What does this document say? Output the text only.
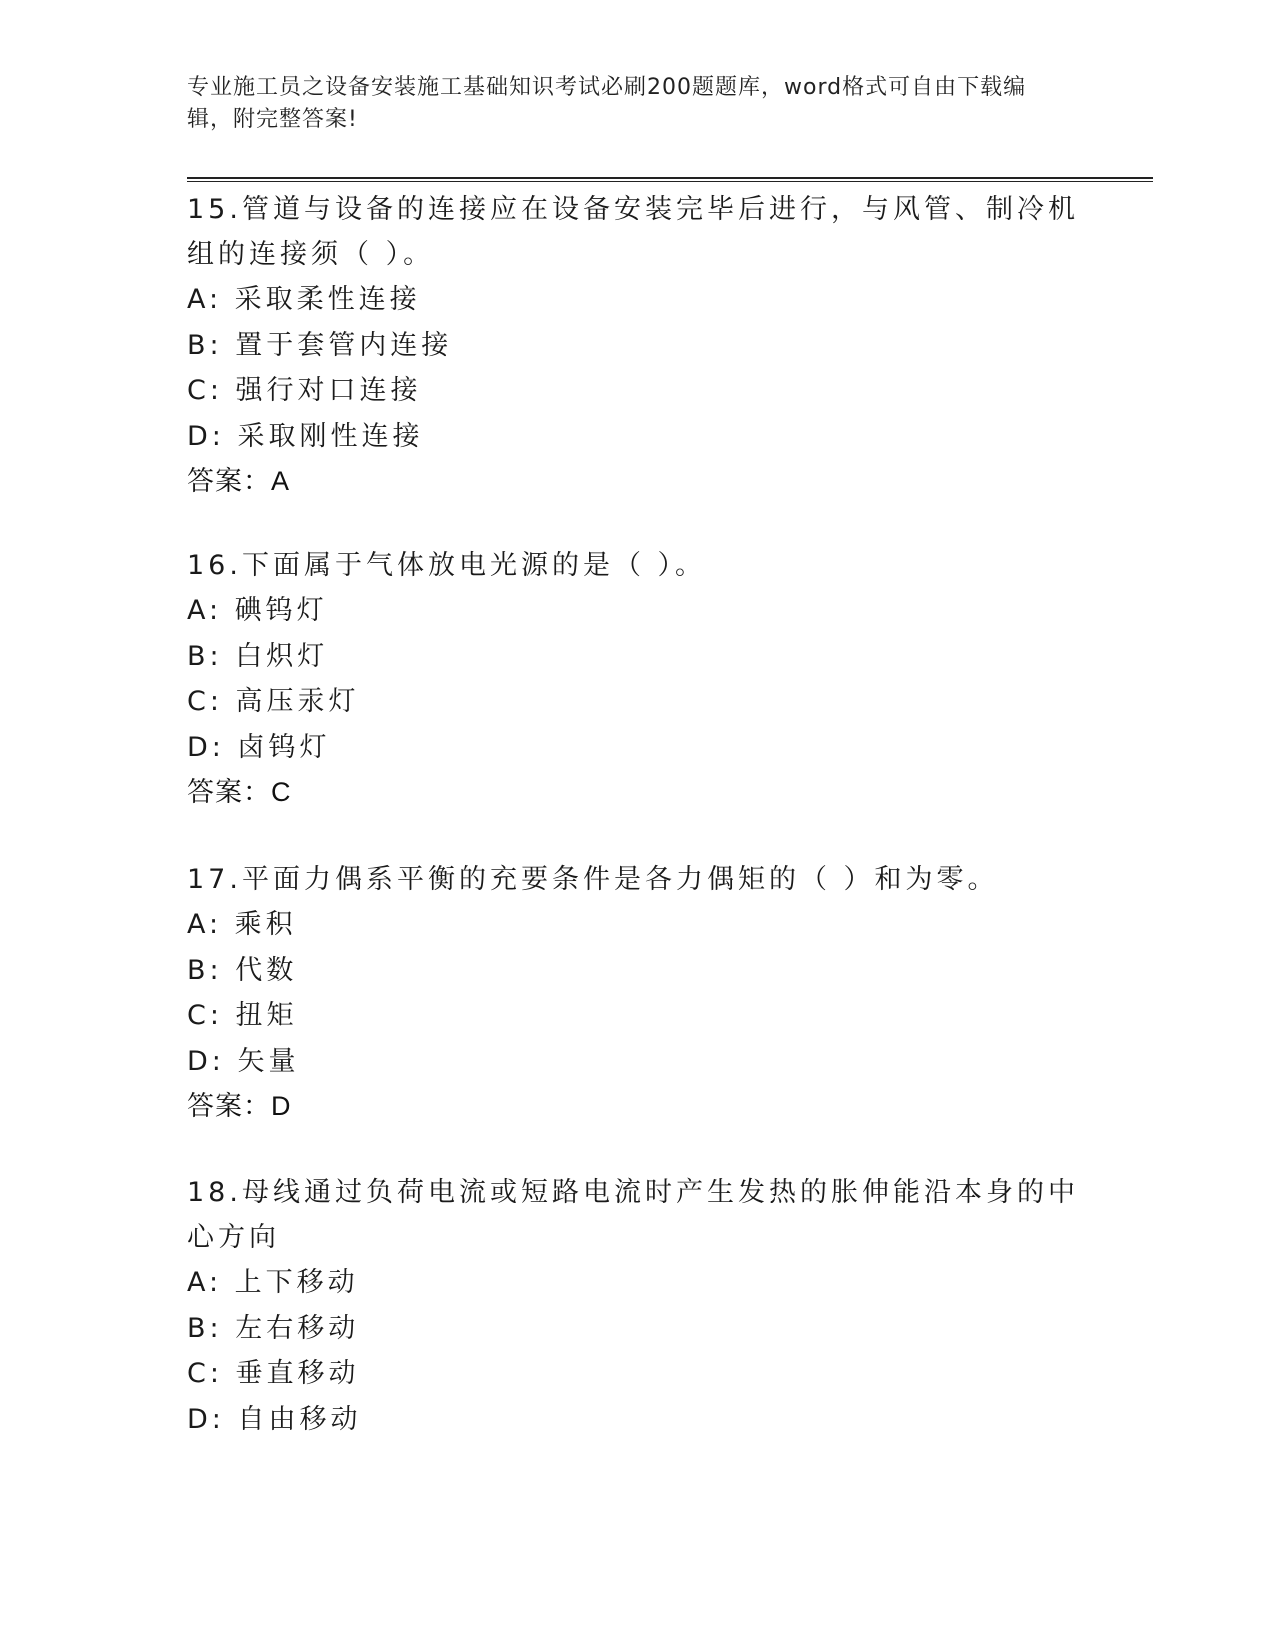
专业施工员之设备安装施工基础知识考试必刷200题题库，word格式可自由下载编辑，附完整答案!
15.管道与设备的连接应在设备安装完毕后进行，与风管、制冷机组的连接须（ ）。
A: 采取柔性连接
B: 置于套管内连接
C: 强行对口连接
D: 采取刚性连接
答案：A
16.下面属于气体放电光源的是（ ）。
A: 碘钨灯
B: 白炽灯
C: 高压汞灯
D: 卤钨灯
答案：C
17.平面力偶系平衡的充要条件是各力偶矩的（ ）和为零。
A: 乘积
B: 代数
C: 扭矩
D: 矢量
答案：D
18.母线通过负荷电流或短路电流时产生发热的胀伸能沿本身的中心方向
A: 上下移动
B: 左右移动
C: 垂直移动
D: 自由移动
